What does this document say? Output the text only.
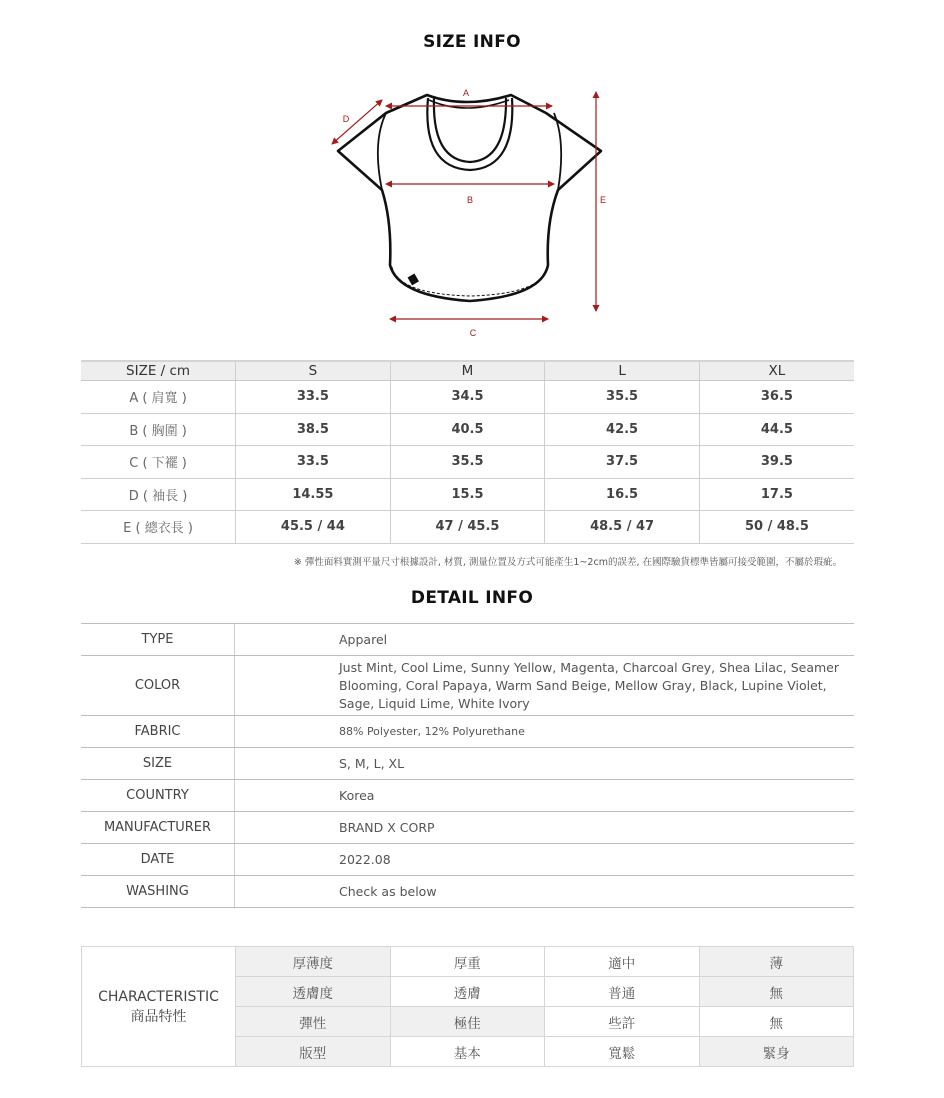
SIZE INFO
A
D
B
C
E
SIZE / cm	S	M	L	XL
A ( 肩寬 )	33.5	34.5	35.5	36.5
B ( 胸圍 )	38.5	40.5	42.5	44.5
C ( 下襬 )	33.5	35.5	37.5	39.5
D ( 袖長 )	14.55	15.5	16.5	17.5
E ( 總衣長 )	45.5 / 44	47 / 45.5	48.5 / 47	50 / 48.5
※ 彈性面料實測平量尺寸根據設計, 材質, 測量位置及方式可能產生1~2cm的誤差, 在國際驗貨標準皆屬可接受範圍，不屬於瑕疵。
DETAIL INFO
TYPE	Apparel
COLOR	Just Mint, Cool Lime, Sunny Yellow, Magenta, Charcoal Grey, Shea Lilac, Seamer Blooming, Coral Papaya, Warm Sand Beige, Mellow Gray, Black, Lupine Violet, Sage, Liquid Lime, White Ivory
FABRIC	88% Polyester, 12% Polyurethane
SIZE	S, M, L, XL
COUNTRY	Korea
MANUFACTURER	BRAND X CORP
DATE	2022.08
WASHING	Check as below
CHARACTERISTIC
商品特性	厚薄度	厚重	適中	薄
	透膚度	透膚	普通	無
	彈性	極佳	些許	無
	版型	基本	寬鬆	緊身
